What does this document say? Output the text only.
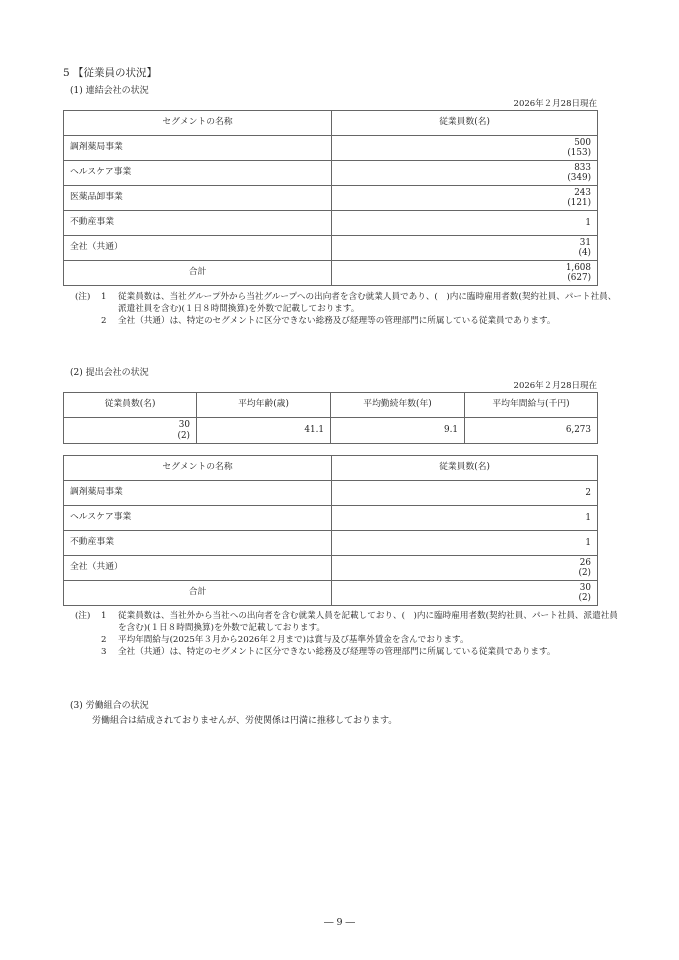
5 【従業員の状況】
(1) 連結会社の状況
2026年２月28日現在
セグメントの名称	従業員数(名)
調剤薬局事業	500
(153)

ヘルスケア事業	833
(349)

医薬品卸事業	243
(121)

不動産事業	1

全社（共通）	31
(4)

合計	1,608
(627)
(注) 1 従業員数は、当社グループ外から当社グループへの出向者を含む就業人員であり、(　)内に臨時雇用者数(契約社員、パート社員、派遣社員を含む)(１日８時間換算)を外数で記載しております。
2 全社（共通）は、特定のセグメントに区分できない総務及び経理等の管理部門に所属している従業員であります。
(2) 提出会社の状況
2026年２月28日現在
従業員数(名)	平均年齢(歳)	平均勤続年数(年)	平均年間給与(千円)

30
(2)	41.1	9.1	6,273
セグメントの名称	従業員数(名)
調剤薬局事業	2

ヘルスケア事業	1

不動産事業	1

全社（共通）	26
(2)

合計	30
(2)
(注) 1 従業員数は、当社外から当社への出向者を含む就業人員を記載しており、(　)内に臨時雇用者数(契約社員、パート社員、派遣社員を含む)(１日８時間換算)を外数で記載しております。
2 平均年間給与(2025年３月から2026年２月まで)は賞与及び基準外賃金を含んでおります。
3 全社（共通）は、特定のセグメントに区分できない総務及び経理等の管理部門に所属している従業員であります。
(3) 労働組合の状況
労働組合は結成されておりませんが、労使関係は円満に推移しております。
― 9 ―
